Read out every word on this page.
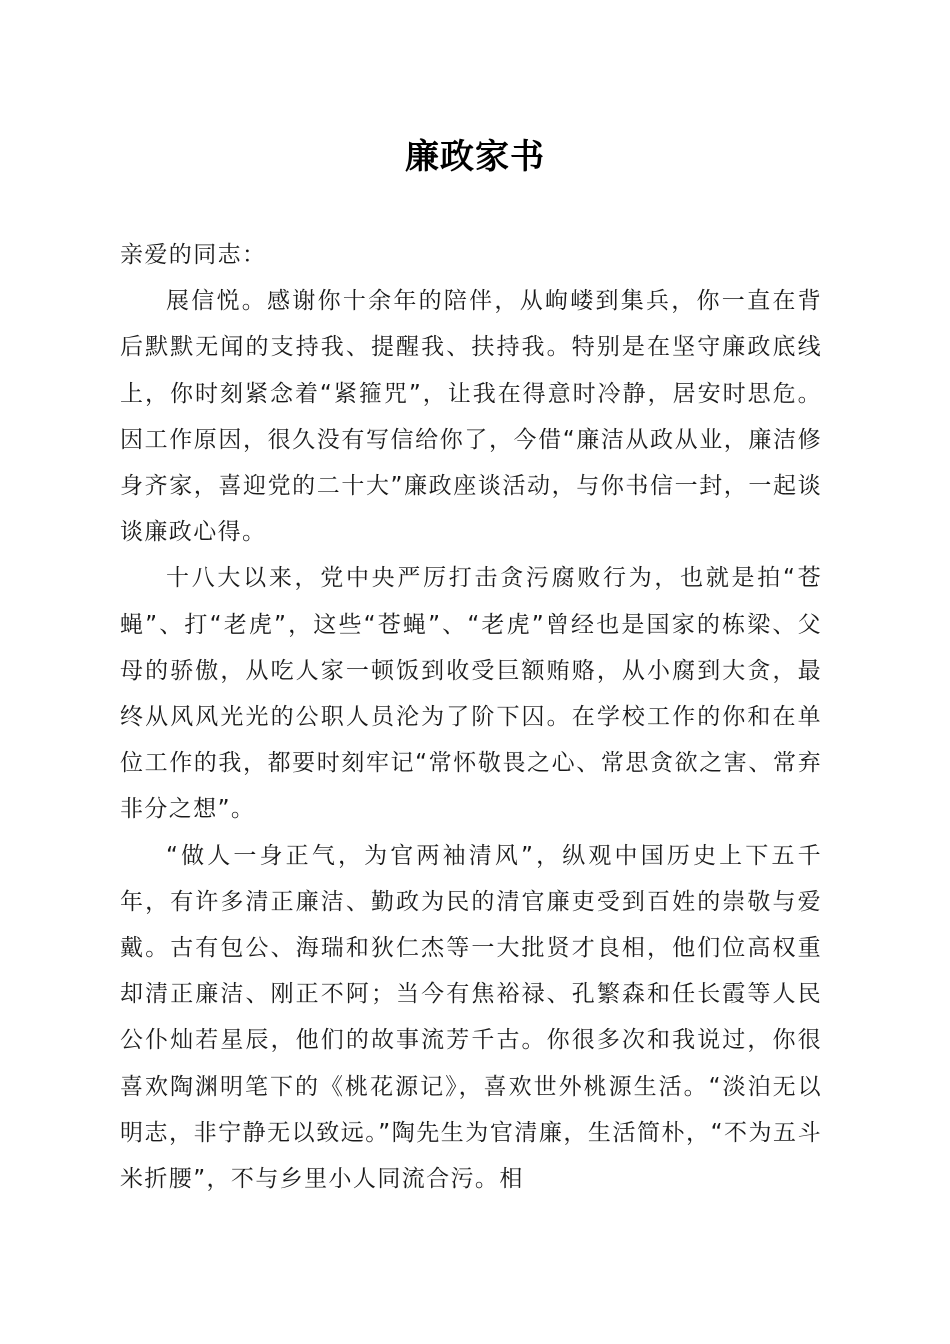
廉政家书

亲爱的同志：

展信悦。感谢你十余年的陪伴，从岣嵝到集兵，你一直在背后默默无闻的支持我、提醒我、扶持我。特别是在坚守廉政底线上，你时刻紧念着“紧箍咒”，让我在得意时冷静，居安时思危。因工作原因，很久没有写信给你了，今借“廉洁从政从业，廉洁修身齐家，喜迎党的二十大”廉政座谈活动，与你书信一封，一起谈谈廉政心得。

十八大以来，党中央严厉打击贪污腐败行为，也就是拍“苍蝇”、打“老虎”，这些“苍蝇”、“老虎”曾经也是国家的栋梁、父母的骄傲，从吃人家一顿饭到收受巨额贿赂，从小腐到大贪，最终从风风光光的公职人员沦为了阶下囚。在学校工作的你和在单位工作的我，都要时刻牢记“常怀敬畏之心、常思贪欲之害、常弃非分之想”。

“做人一身正气，为官两袖清风”，纵观中国历史上下五千年，有许多清正廉洁、勤政为民的清官廉吏受到百姓的崇敬与爱戴。古有包公、海瑞和狄仁杰等一大批贤才良相，他们位高权重却清正廉洁、刚正不阿；当今有焦裕禄、孔繁森和任长霞等人民公仆灿若星辰，他们的故事流芳千古。你很多次和我说过，你很喜欢陶渊明笔下的《桃花源记》，喜欢世外桃源生活。“淡泊无以明志，非宁静无以致远。”陶先生为官清廉，生活简朴，“不为五斗米折腰”，不与乡里小人同流合污。相
